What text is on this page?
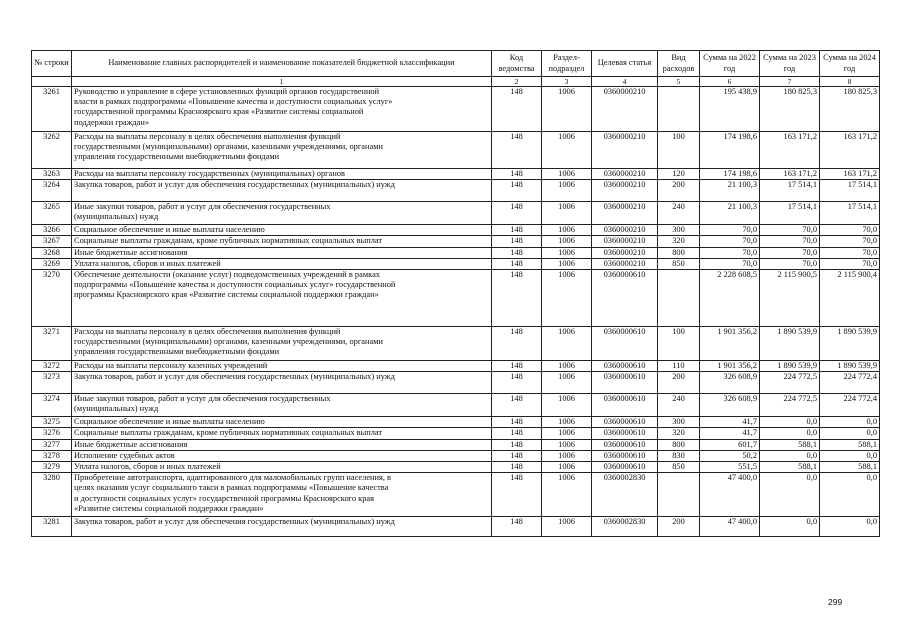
№ строки	Наименование главных распорядителей и наименование показателей бюджетной классификации	Код ведомства	Раздел-подраздел	Целевая статья	Вид расходов	Сумма на 2022 год	Сумма на 2023 год	Сумма на 2024 год
	1	2	3	4	5	6	7	8
3261	Руководство и управление в сфере установленных функций органов государственной
власти в рамках подпрограммы «Повышение качества и доступности социальных услуг»
государственной программы Красноярского края «Развитие системы социальной
поддержки граждан»	148	1006	0360000210		195 438,9	180 825,3	180 825,3
3262	Расходы на выплаты персоналу в целях обеспечения выполнения функций
государственными (муниципальными) органами, казенными учреждениями, органами
управления государственными внебюджетными фондами	148	1006	0360000210	100	174 198,6	163 171,2	163 171,2
3263	Расходы на выплаты персоналу государственных (муниципальных) органов	148	1006	0360000210	120	174 198,6	163 171,2	163 171,2
3264	Закупка товаров, работ и услуг для обеспечения государственных (муниципальных) нужд	148	1006	0360000210	200	21 100,3	17 514,1	17 514,1
3265	Иные закупки товаров, работ и услуг для обеспечения государственных
(муниципальных) нужд	148	1006	0360000210	240	21 100,3	17 514,1	17 514,1
3266	Социальное обеспечение и иные выплаты населению	148	1006	0360000210	300	70,0	70,0	70,0
3267	Социальные выплаты гражданам, кроме публичных нормативных социальных выплат	148	1006	0360000210	320	70,0	70,0	70,0
3268	Иные бюджетные ассигнования	148	1006	0360000210	800	70,0	70,0	70,0
3269	Уплата налогов, сборов и иных платежей	148	1006	0360000210	850	70,0	70,0	70,0
3270	Обеспечение деятельности (оказание услуг) подведомственных учреждений в рамках
подпрограммы «Повышение качества и доступности социальных услуг» государственной
программы Красноярского края «Развитие системы социальной поддержки граждан»	148	1006	0360000610		2 228 608,5	2 115 900,5	2 115 900,4
3271	Расходы на выплаты персоналу в целях обеспечения выполнения функций
государственными (муниципальными) органами, казенными учреждениями, органами
управления государственными внебюджетными фондами	148	1006	0360000610	100	1 901 356,2	1 890 539,9	1 890 539,9
3272	Расходы на выплаты персоналу казенных учреждений	148	1006	0360000610	110	1 901 356,2	1 890 539,9	1 890 539,9
3273	Закупка товаров, работ и услуг для обеспечения государственных (муниципальных) нужд	148	1006	0360000610	200	326 608,9	224 772,5	224 772,4
3274	Иные закупки товаров, работ и услуг для обеспечения государственных
(муниципальных) нужд	148	1006	0360000610	240	326 608,9	224 772,5	224 772,4
3275	Социальное обеспечение и иные выплаты населению	148	1006	0360000610	300	41,7	0,0	0,0
3276	Социальные выплаты гражданам, кроме публичных нормативных социальных выплат	148	1006	0360000610	320	41,7	0,0	0,0
3277	Иные бюджетные ассигнования	148	1006	0360000610	800	601,7	588,1	588,1
3278	Исполнение судебных актов	148	1006	0360000610	830	50,2	0,0	0,0
3279	Уплата налогов, сборов и иных платежей	148	1006	0360000610	850	551,5	588,1	588,1
3280	Приобретение автотранспорта, адаптированного для маломобильных групп населения, в
целях оказания услуг социального такси в рамках подпрограммы «Повышение качества
и доступности социальных услуг» государственной программы Красноярского края
«Развитие системы социальной поддержки граждан»	148	1006	0360002830		47 400,0	0,0	0,0
3281	Закупка товаров, работ и услуг для обеспечения государственных (муниципальных) нужд	148	1006	0360002830	200	47 400,0	0,0	0,0
299
